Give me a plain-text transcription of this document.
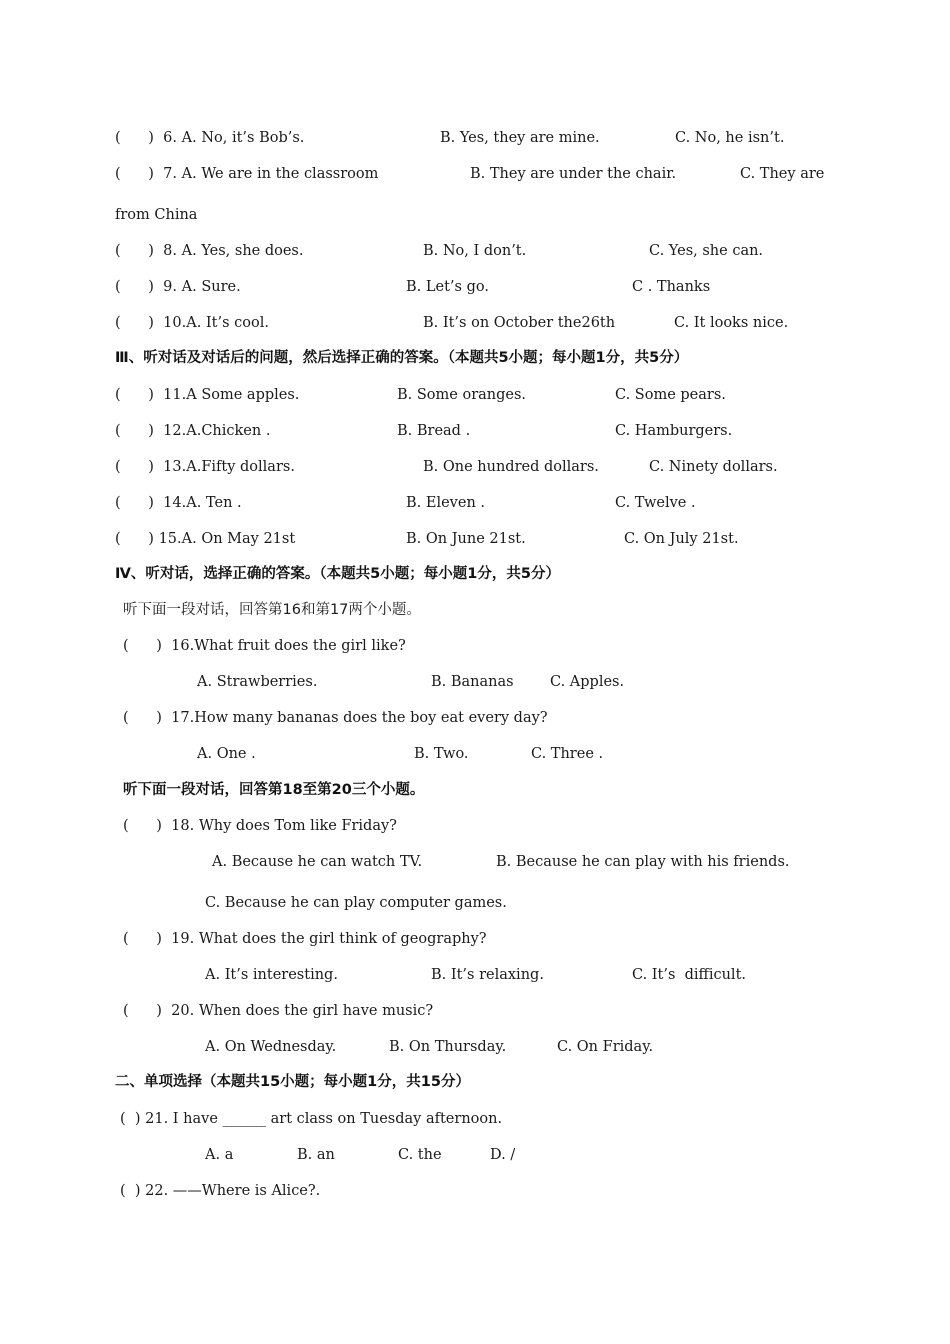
(      )  6. A. No, it’s Bob’s.	B. Yes, they are mine.	C. No, he isn’t.
(      )  7. A. We are in the classroom	B. They are under the chair.	C. They are
from China
(      )  8. A. Yes, she does.	B. No, I don’t.	C. Yes, she can.
(      )  9. A. Sure.	B. Let’s go.	C . Thanks
(      )  10.A. It’s cool.	B. It’s on October the26th	C. It looks nice.
Ⅲ、听对话及对话后的问题，然后选择正确的答案。（本题共5小题；每小题1分，共5分）
(      )  11.A Some apples.	B. Some oranges.	C. Some pears.
(      )  12.A.Chicken .	B. Bread .	C. Hamburgers.
(      )  13.A.Fifty dollars.	B. One hundred dollars.	C. Ninety dollars.
(      )  14.A. Ten .	B. Eleven .	C. Twelve .
(      ) 15.A. On May 21st	B. On June 21st.	C. On July 21st.
Ⅳ、听对话，选择正确的答案。（本题共5小题；每小题1分，共5分）
听下面一段对话，回答第16和第17两个小题。
(      )  16.What fruit does the girl like?
A. Strawberries.	B. Bananas	C. Apples.
(      )  17.How many bananas does the boy eat every day?
A. One .	B. Two.	C. Three .
听下面一段对话，回答第18至第20三个小题。
(      )  18. Why does Tom like Friday?
A. Because he can watch TV.	B. Because he can play with his friends.
C. Because he can play computer games.
(      )  19. What does the girl think of geography?
A. It’s interesting.	B. It’s relaxing.	C. It’s  difficult.
(      )  20. When does the girl have music?
A. On Wednesday.	B. On Thursday.	C. On Friday.
二、单项选择（本题共15小题；每小题1分，共15分）
(  ) 21. I have ______ art class on Tuesday afternoon.
A. a	B. an	C. the	D. /
(  ) 22. ——Where is Alice?.
